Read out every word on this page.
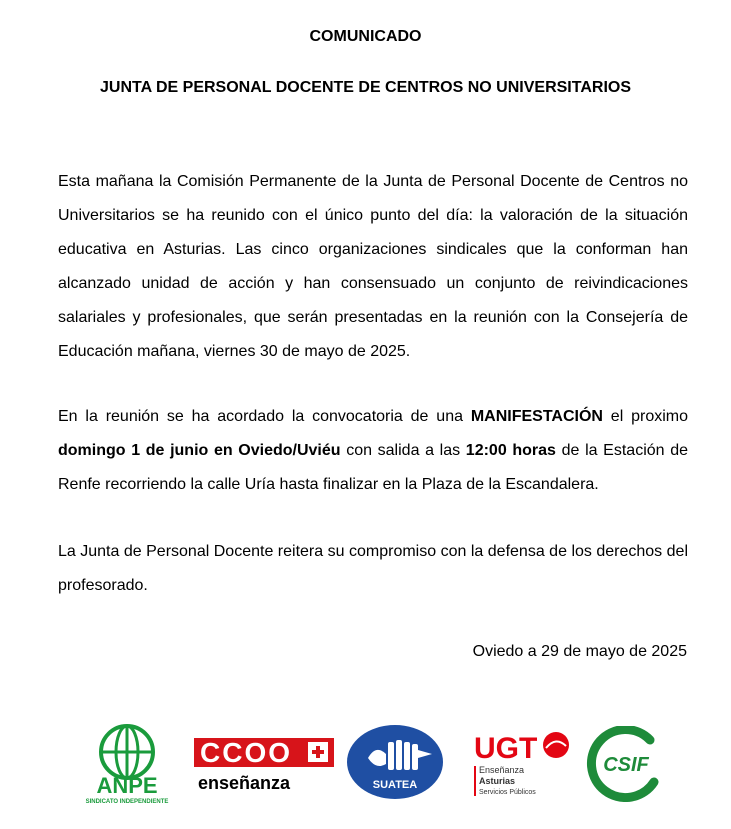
COMUNICADO
JUNTA DE PERSONAL DOCENTE DE CENTROS NO UNIVERSITARIOS

Esta mañana la Comisión Permanente de la Junta de Personal Docente de Centros no Universitarios se ha reunido con el único punto del día: la valoración de la situación educativa en Asturias. Las cinco organizaciones sindicales que la conforman han alcanzado unidad de acción y han consensuado un conjunto de reivindicaciones salariales y profesionales, que serán presentadas en la reunión con la Consejería de Educación mañana, viernes 30 de mayo de 2025.

En la reunión se ha acordado la convocatoria de una MANIFESTACIÓN el proximo domingo 1 de junio en Oviedo/Uviéu con salida a las 12:00 horas de la Estación de Renfe recorriendo la calle Uría hasta finalizar en la Plaza de la Escandalera.

La Junta de Personal Docente reitera su compromiso con la defensa de los derechos del profesorado.

Oviedo a 29 de mayo de 2025

ANPE
SINDICATO INDEPENDIENTE
CCOO
enseñanza	SUATEA
UGT
Enseñanza
Asturias
Servicios Públicos
CSIF
